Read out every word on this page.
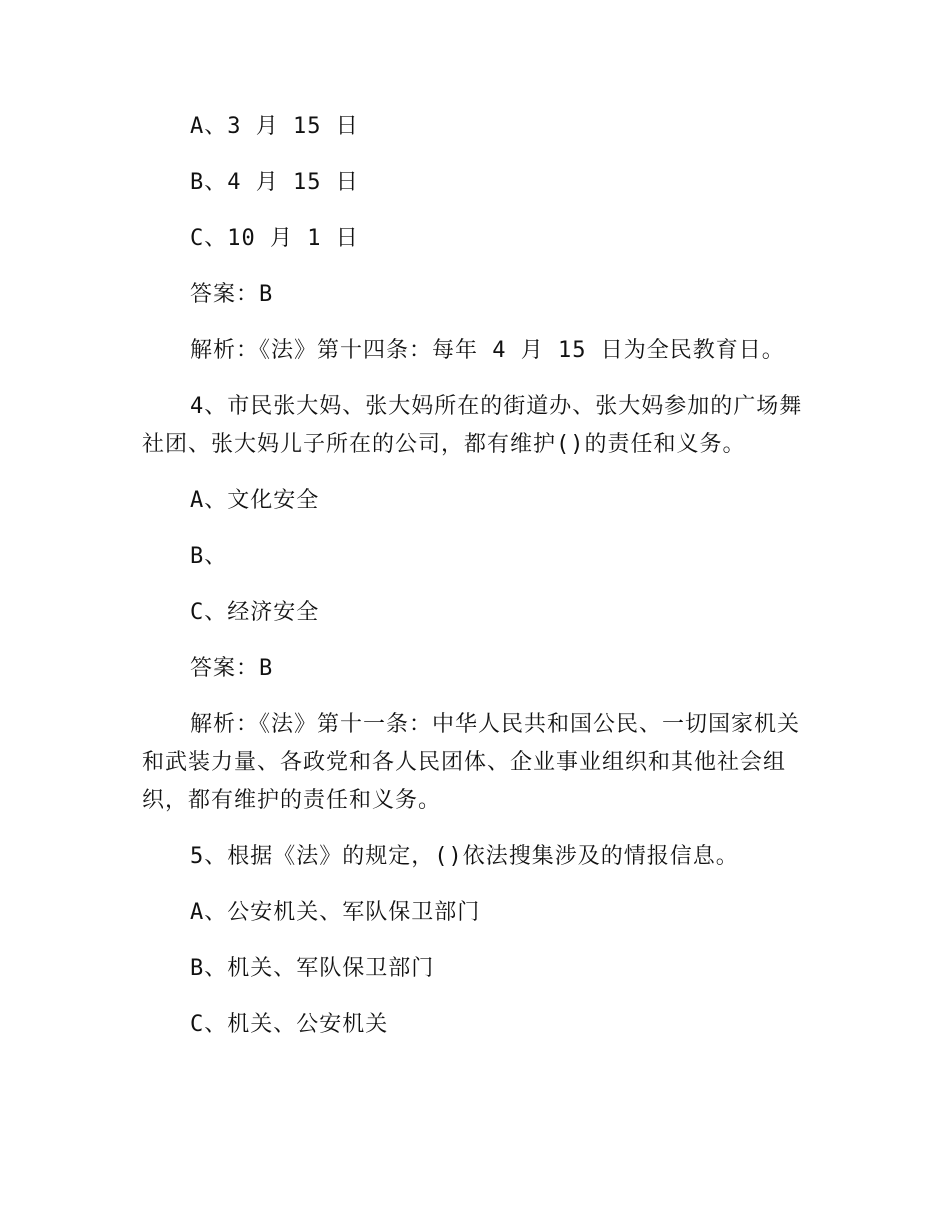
A、3 月 15 日

B、4 月 15 日

C、10 月 1 日

答案：B

解析：《法》第十四条：每年 4 月 15 日为全民教育日。

4、市民张大妈、张大妈所在的街道办、张大妈参加的广场舞社团、张大妈儿子所在的公司，都有维护()的责任和义务。

A、文化安全

B、

C、经济安全

答案：B

解析：《法》第十一条：中华人民共和国公民、一切国家机关和武装力量、各政党和各人民团体、企业事业组织和其他社会组织，都有维护的责任和义务。

5、根据《法》的规定，()依法搜集涉及的情报信息。

A、公安机关、军队保卫部门

B、机关、军队保卫部门

C、机关、公安机关
